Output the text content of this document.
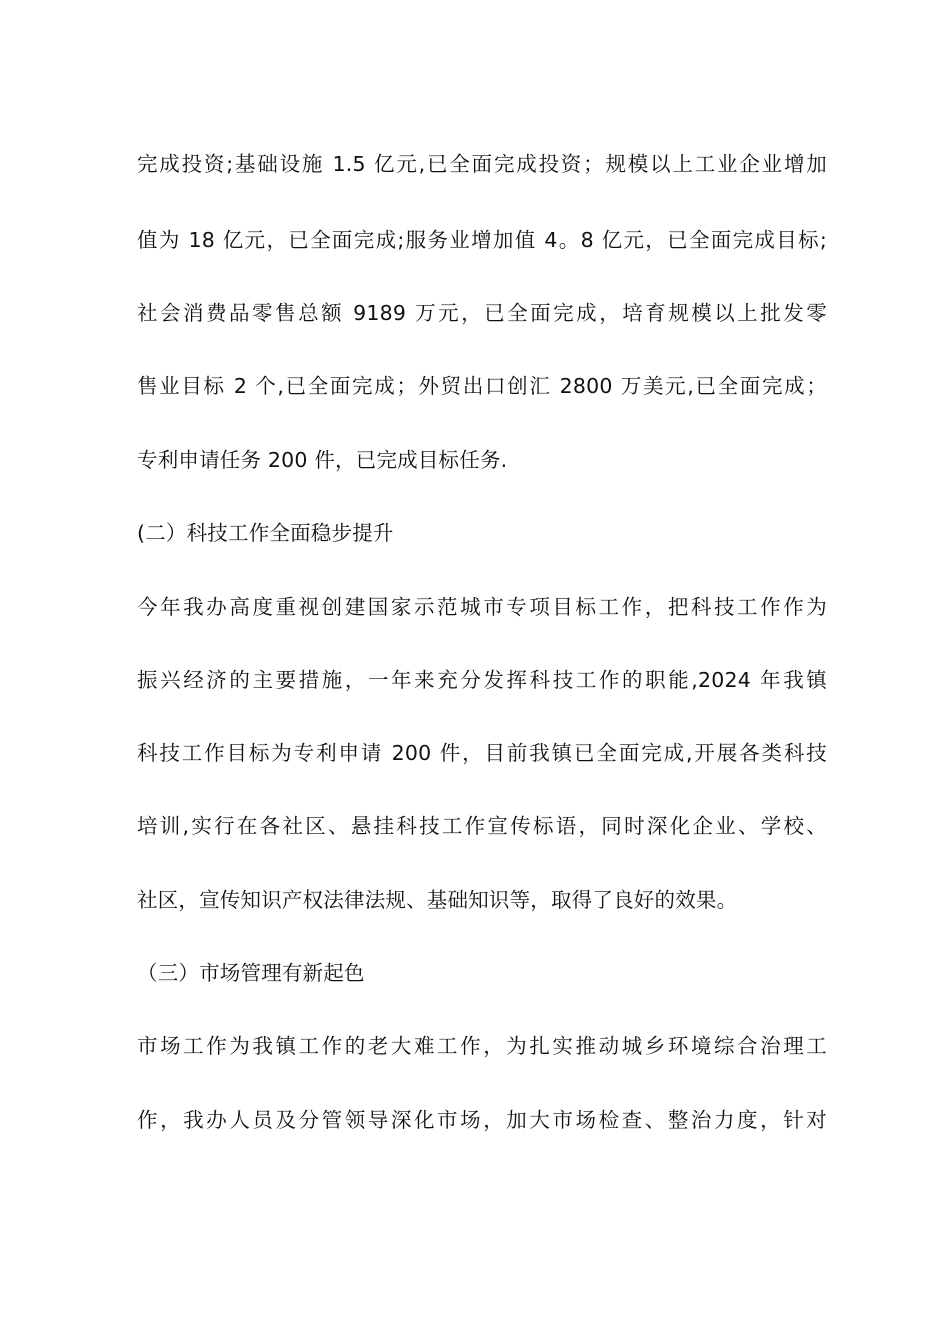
完成投资;基础设施 1.5 亿元,已全面完成投资；规模以上工业企业增加
值为 18 亿元，已全面完成;服务业增加值 4。8 亿元，已全面完成目标;
社会消费品零售总额 9189 万元，已全面完成，培育规模以上批发零
售业目标 2 个,已全面完成；外贸出口创汇 2800 万美元,已全面完成；
专利申请任务 200 件，已完成目标任务.
(二）科技工作全面稳步提升
今年我办高度重视创建国家示范城市专项目标工作，把科技工作作为
振兴经济的主要措施，一年来充分发挥科技工作的职能,2024 年我镇
科技工作目标为专利申请 200 件，目前我镇已全面完成,开展各类科技
培训,实行在各社区、悬挂科技工作宣传标语，同时深化企业、学校、
社区，宣传知识产权法律法规、基础知识等，取得了良好的效果。
（三）市场管理有新起色
市场工作为我镇工作的老大难工作，为扎实推动城乡环境综合治理工
作，我办人员及分管领导深化市场，加大市场检查、整治力度，针对
